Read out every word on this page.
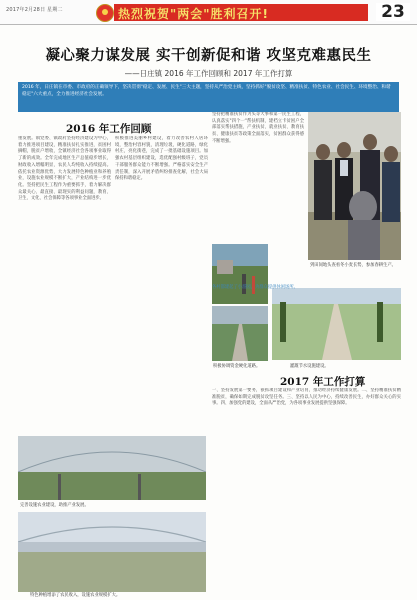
2017年2月28日 星期二	热烈祝贺"两会"胜利召开!	23
凝心聚力谋发展 实干创新促和谐 攻坚克难惠民生
——日庄镇 2016 年工作回顾和 2017 年工作打算
2016 年，日庄镇在市委、市政府的正确领导下，坚决贯彻"稳定、发展、民生"三大主题，坚持从严治党主线，坚持抓好"脱贫攻坚、精准扶贫、特色农业、社会民生、环境整治、和谐稳定"六大重点，全力推进经济社会发展。
2016 年工作回顾
重发展。镇党委、镇政府坚持经济建设为中心，着力推进项目建设，精准扶贫扎实推进，贫困村摘帽，脱贫户增收，全镇经济社会各项事业取得了新的成效。全年完成地区生产总值稳步增长，财政收入增幅明显，农民人均纯收入持续提高。依托农业资源优势，大力发展特色种植业和养殖业，设施农业规模不断扩大，产业结构进一步优化。坚持把民生工程作为重要抓手，着力解决群众最关心、最直接、最现实的利益问题，教育、卫生、文化、社会保障等各项事业全面进步。
积极推进美丽乡村建设，着力改善农村人居环境，整治村容村貌，清理垃圾，硬化道路，绿化村庄，亮化街巷，完成了一批基础设施项目。加强农村基层组织建设，选优配强村级班子，党员干部服务群众能力不断增强。严格落实安全生产责任制，深入开展矛盾纠纷排查化解，社会大局保持和谐稳定。
坚持把精准扶贫作为头等大事和第一民生工程，认真落实"四个一"帮扶机制，建档立卡贫困户全部落实帮扶措施，产业扶贫、就业扶贫、教育扶贫、健康扶贫等政策全面落实，贫困群众获得感不断增强。
到田间地头查看冬小麦长势，参加春耕生产。
积极协调资金硬化道路。	灌溉节水设施建设。
各村都建起了小游园，为群众提供休闲场所。
2017 年工作打算
一、坚持发展第一要务，狠抓项目建设和产业培育，推动经济持续健康发展。二、坚持精准扶贫精准脱贫，确保如期完成脱贫攻坚任务。三、坚持以人民为中心，持续改善民生，办好群众关心的实事。四、加强党的建设，全面从严治党，为各项事业发展提供坚强保障。
完善设施农业建设，助推产业发展。
特色种植增添了农民收入，设施农业规模扩大。
